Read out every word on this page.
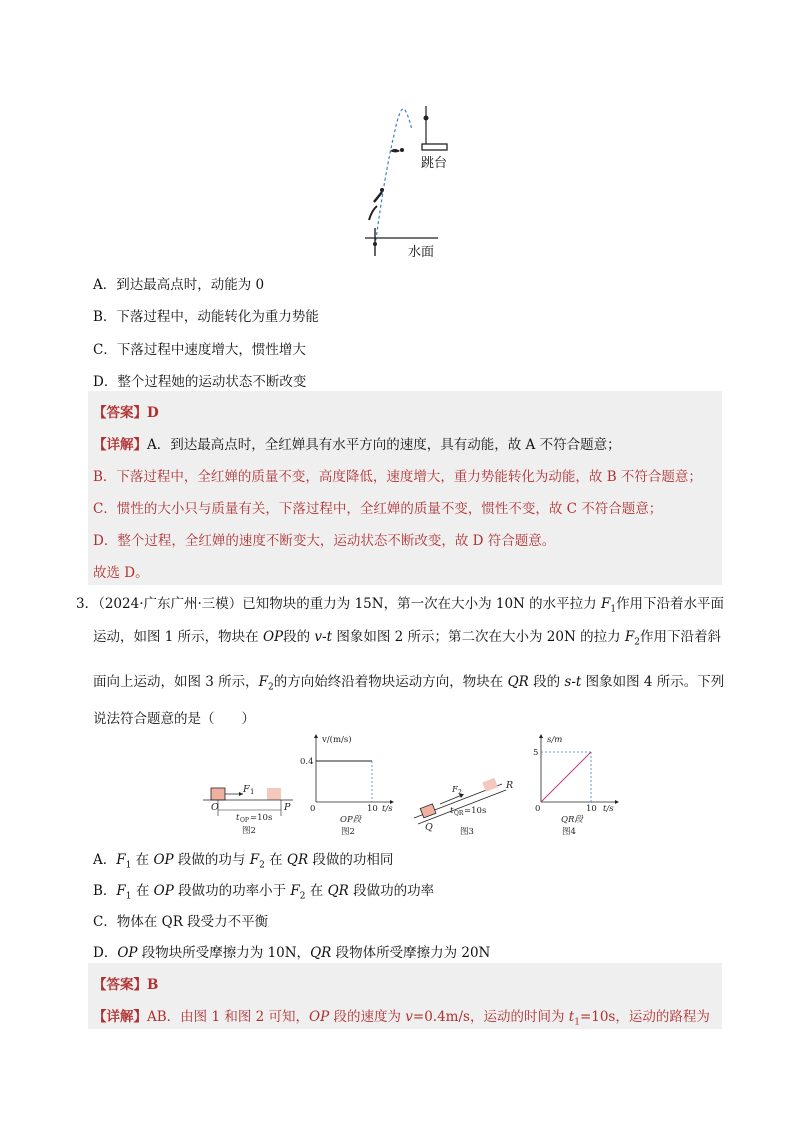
跳台
水面
A．到达最高点时，动能为 0
B．下落过程中，动能转化为重力势能
C．下落过程中速度增大，惯性增大
D．整个过程她的运动状态不断改变
【答案】D
【详解】A．到达最高点时，全红婵具有水平方向的速度，具有动能，故 A 不符合题意；
B．下落过程中，全红婵的质量不变，高度降低，速度增大，重力势能转化为动能，故 B 不符合题意；
C．惯性的大小只与质量有关，下落过程中，全红婵的质量不变，惯性不变，故 C 不符合题意；
D．整个过程，全红婵的速度不断变大，运动状态不断改变，故 D 符合题意。
故选 D。
3．（2024·广东广州·三模）已知物块的重力为 15N，第一次在大小为 10N 的水平拉力 $F_1$作用下沿着水平面
运动，如图 1 所示，物块在 OP段的 v-t 图象如图 2 所示；第二次在大小为 20N 的拉力 $F_2$作用下沿着斜
面向上运动，如图 3 所示，$F_2$的方向始终沿着物块运动方向，物块在 QR 段的 s-t 图象如图 4 所示。下列
说法符合题意的是（　　）
O
F 1
P
t OP =10s
图2
v/(m/s)
0.4
0	10 t/s
OP段
图2	Q
R
F 2
t QR =10s
图3
s/m
5
0	10 t/s
QR段
图4
A．$F_1$ 在 OP 段做的功与 $F_2$ 在 QR 段做的功相同
B．$F_1$ 在 OP 段做功的功率小于 $F_2$ 在 QR 段做功的功率
C．物体在 QR 段受力不平衡
D．OP 段物块所受摩擦力为 10N，QR 段物体所受摩擦力为 20N
【答案】B
【详解】AB．由图 1 和图 2 可知，OP 段的速度为 v=0.4m/s，运动的时间为 $t_1=10s$，运动的路程为
